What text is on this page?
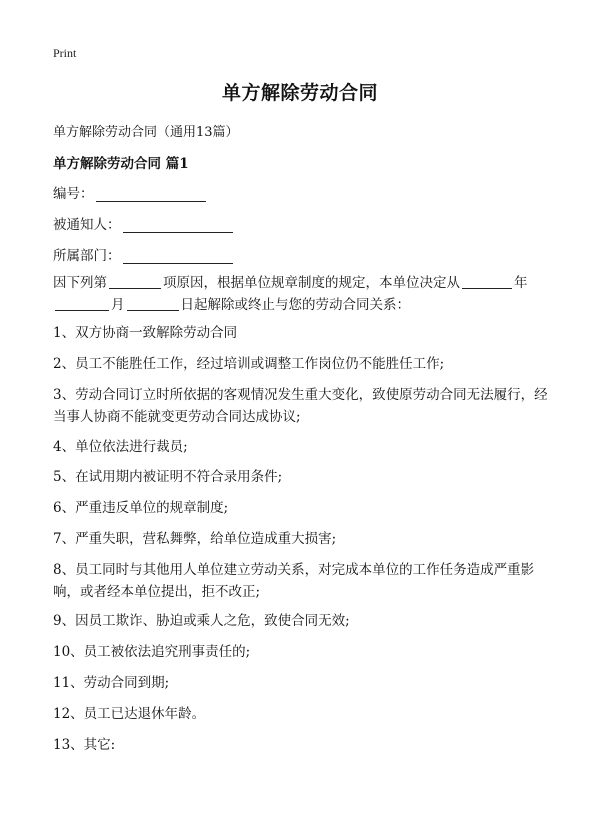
Print
单方解除劳动合同
单方解除劳动合同（通用13篇）
单方解除劳动合同 篇1
编号：
被通知人：
所属部门：
因下列第	项原因，根据单位规章制度的规定，本单位决定从	年
月	日起解除或终止与您的劳动合同关系：
1、双方协商一致解除劳动合同
2、员工不能胜任工作，经过培训或调整工作岗位仍不能胜任工作;
3、劳动合同订立时所依据的客观情况发生重大变化，致使原劳动合同无法履行，经当事人协商不能就变更劳动合同达成协议;
4、单位依法进行裁员;
5、在试用期内被证明不符合录用条件;
6、严重违反单位的规章制度;
7、严重失职，营私舞弊，给单位造成重大损害;
8、员工同时与其他用人单位建立劳动关系，对完成本单位的工作任务造成严重影响，或者经本单位提出，拒不改正;
9、因员工欺诈、胁迫或乘人之危，致使合同无效;
10、员工被依法追究刑事责任的;
11、劳动合同到期;
12、员工已达退休年龄。
13、其它:
